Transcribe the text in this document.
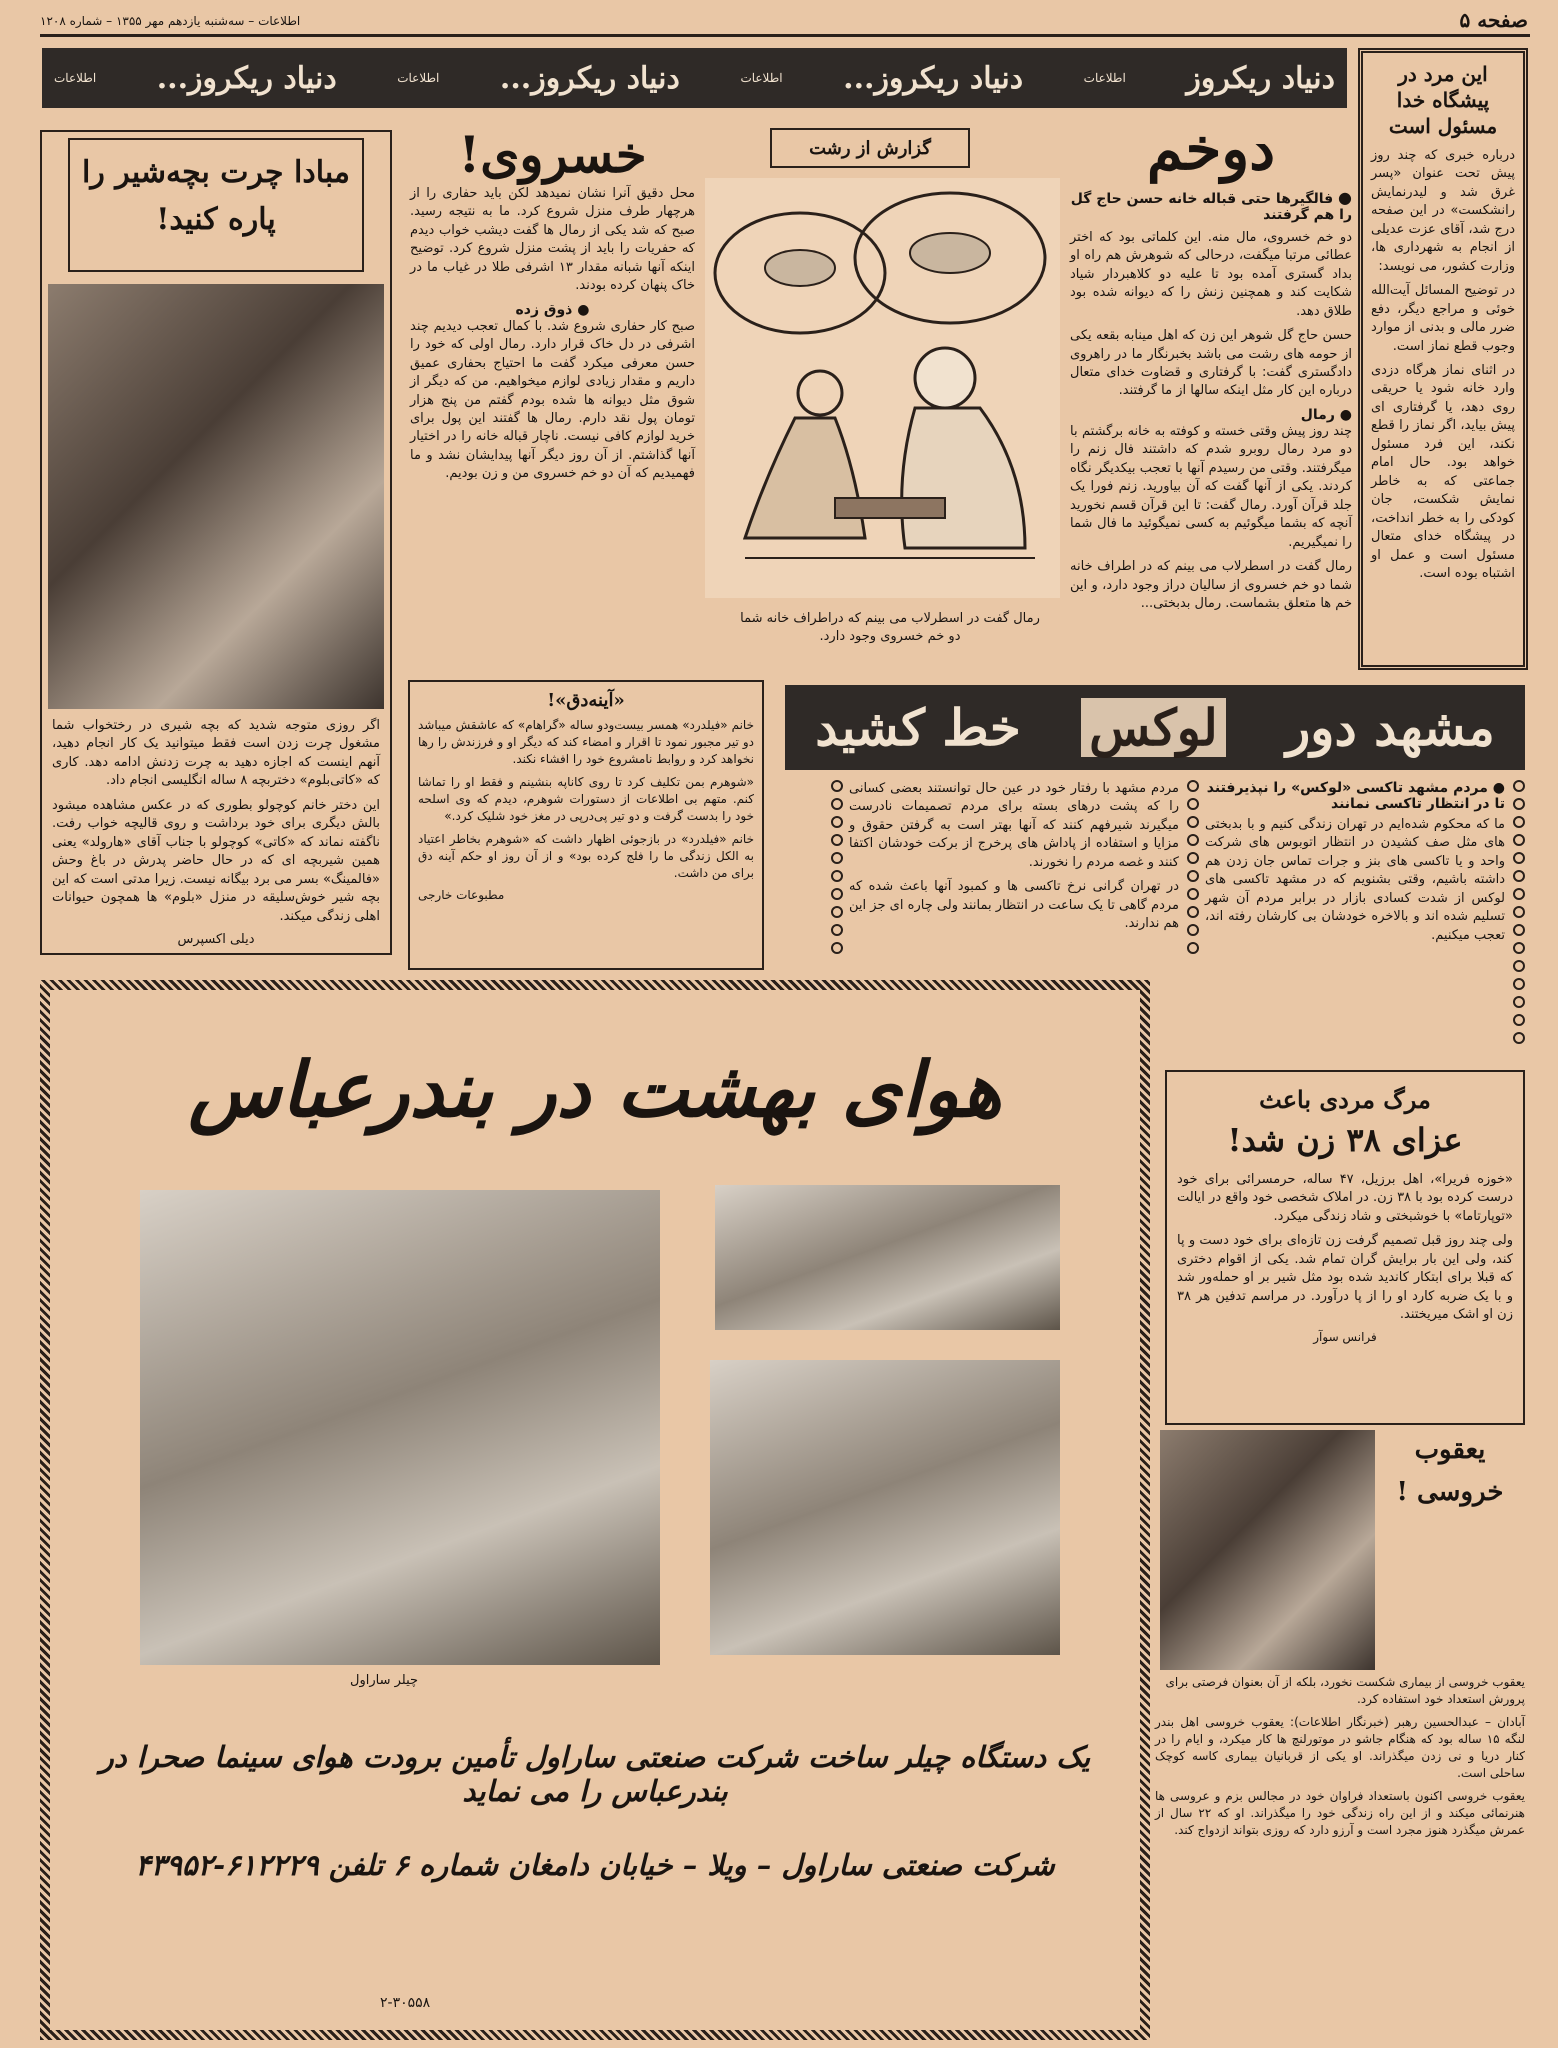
صفحه ۵
اطلاعات – سه‌شنبه یازدهم مهر ۱۳۵۵ – شماره ۱۲۰۸
دنیاد ریکروز
اطلاعات
دنیاد ریکروز...
اطلاعات
دنیاد ریکروز...
اطلاعات
دنیاد ریکروز...
اطلاعات	این مرد در پیشگاه خدا مسئول است

درباره خبری که چند روز پیش تحت عنوان «پسر غرق شد و لیدرنمایش رانشکست» در این صفحه درج شد، آقای عزت عدیلی از انجام به شهرداری ها، وزارت کشور، می نویسد:

در توضیح المسائل آیت‌الله خوئی و مراجع دیگر، دفع ضرر مالی و بدنی از موارد وجوب قطع نماز است.

در اثنای نماز هرگاه دزدی وارد خانه شود یا حریقی روی دهد، یا گرفتاری ای پیش بیاید، اگر نماز را قطع نکند، این فرد مسئول خواهد بود. حال امام جماعتی که به خاطر نمایش شکست، جان کودکی را به خطر انداخت، در پیشگاه خدای متعال مسئول است و عمل او اشتباه بوده است.

دوخم
● فالگیرها حتی قباله خانه حسن حاج گل را هم گرفتند

دو خم خسروی، مال منه. این کلماتی بود که اختر عطائی مرتبا میگفت، درحالی که شوهرش هم راه او بداد گستری آمده بود تا علیه دو کلاهبردار شیاد شکایت کند و همچنین زنش را که دیوانه شده بود طلاق دهد.

حسن حاج گل شوهر این زن که اهل مینابه بقعه یکی از حومه های رشت می باشد بخبرنگار ما در راهروی دادگستری گفت: با گرفتاری و قضاوت خدای متعال درباره این کار مثل اینکه سالها از ما گرفتند.

● رمال

چند روز پیش وقتی خسته و کوفته به خانه برگشتم با دو مرد رمال روبرو شدم که داشتند فال زنم را میگرفتند. وقتی من رسیدم آنها با تعجب بیکدیگر نگاه کردند. یکی از آنها گفت که آن بیاورید. زنم فورا یک جلد قرآن آورد. رمال گفت: تا این قرآن قسم نخورید آنچه که بشما میگوئیم به کسی نمیگوئید ما فال شما را نمیگیریم.

رمال گفت در اسطرلاب می بینم که در اطراف خانه شما دو خم خسروی از سالیان دراز وجود دارد، و این خم ها متعلق بشماست. رمال بدبختی...

گزارش از رشت
رمال گفت در اسطرلاب می بینم که دراطراف خانه شما دو خم خسروی وجود دارد.
خسروی!

محل دقیق آنرا نشان نمیدهد لکن باید حفاری را از هرچهار طرف منزل شروع کرد. ما به نتیجه رسید. صبح که شد یکی از رمال ها گفت دیشب خواب دیدم که حفریات را باید از پشت منزل شروع کرد. توضیح اینکه آنها شبانه مقدار ۱۳ اشرفی طلا در غیاب ما در خاک پنهان کرده بودند.

● ذوق زده

صبح کار حفاری شروع شد. با کمال تعجب دیدیم چند اشرفی در دل خاک قرار دارد. رمال اولی که خود را حسن معرفی میکرد گفت ما احتیاج بحفاری عمیق داریم و مقدار زیادی لوازم میخواهیم. من که دیگر از شوق مثل دیوانه ها شده بودم گفتم من پنج هزار تومان پول نقد دارم. رمال ها گفتند این پول برای خرید لوازم کافی نیست. ناچار قباله خانه را در اختیار آنها گذاشتم. از آن روز دیگر آنها پیدایشان نشد و ما فهمیدیم که آن دو خم خسروی من و زن بودیم.

مبادا چرت بچه‌شیر را پاره کنید!

اگر روزی متوجه شدید که بچه شیری در رختخواب شما مشغول چرت زدن است فقط میتوانید یک کار انجام دهید، آنهم اینست که اجازه دهید به چرت زدنش ادامه دهد. کاری که «کاتی‌بلوم» دختربچه ۸ ساله انگلیسی انجام داد.

این دختر خانم کوچولو بطوری که در عکس مشاهده میشود بالش دیگری برای خود برداشت و روی قالیچه خواب رفت. ناگفته نماند که «کاتی» کوچولو با جناب آقای «هارولد» یعنی همین شیربچه ای که در حال حاضر پدرش در باغ وحش «فالمینگ» بسر می برد بیگانه نیست. زیرا مدتی است که این بچه شیر خوش‌سلیقه در منزل «بلوم» ها همچون حیوانات اهلی زندگی میکند.

دیلی اکسپرس
«آینه‌دق»!

خانم «فیلدرد» همسر بیست‌ودو ساله «گراهام» که عاشقش میباشد دو تیر مجبور نمود تا اقرار و امضاء کند که دیگر او و فرزندش را رها نخواهد کرد و روابط نامشروع خود را افشاء نکند.

«شوهرم بمن تکلیف کرد تا روی کاناپه بنشینم و فقط او را تماشا کنم. متهم بی اطلاعات از دستورات شوهرم، دیدم که وی اسلحه خود را بدست گرفت و دو تیر پی‌درپی در مغز خود شلیک کرد.»

خانم «فیلدرد» در بازجوئی اظهار داشت که «شوهرم بخاطر اعتیاد به الکل زندگی ما را فلج کرده بود» و از آن روز او حکم آینه دق برای من داشت.

مطبوعات خارجی
مشهد دور
لوکس
خط کشید
● مردم مشهد تاکسی «لوکس» را نپذیرفتند تا در انتظار تاکسی نمانند

ما که محکوم شده‌ایم در تهران زندگی کنیم و با بدبختی های مثل صف کشیدن در انتظار اتوبوس های شرکت واحد و یا تاکسی های بنز و جرات تماس جان زدن هم داشته باشیم، وقتی بشنویم که در مشهد تاکسی های لوکس از شدت کسادی بازار در برابر مردم آن شهر تسلیم شده اند و بالاخره خودشان بی کارشان رفته اند، تعجب میکنیم.

مردم مشهد با رفتار خود در عین حال توانستند بعضی کسانی را که پشت درهای بسته برای مردم تصمیمات نادرست میگیرند شیرفهم کنند که آنها بهتر است به گرفتن حقوق و مزایا و استفاده از پاداش های پرخرج از برکت خودشان اکتفا کنند و غصه مردم را نخورند.

در تهران گرانی نرخ تاکسی ها و کمبود آنها باعث شده که مردم گاهی تا یک ساعت در انتظار بمانند ولی چاره ای جز این هم ندارند.

مرگ مردی باعث
عزای ۳۸ زن شد!

«خوزه فریرا»، اهل برزیل، ۴۷ ساله، حرمسرائی برای خود درست کرده بود با ۳۸ زن. در املاک شخصی خود واقع در ایالت «توپارتاما» با خوشبختی و شاد زندگی میکرد.

ولی چند روز قبل تصمیم گرفت زن تازه‌ای برای خود دست و پا کند، ولی این بار برایش گران تمام شد. یکی از اقوام دختری که قبلا برای ابتکار کاندید شده بود مثل شیر بر او حمله‌ور شد و با یک ضربه کارد او را از پا درآورد. در مراسم تدفین هر ۳۸ زن او اشک میریختند.

فرانس سوآر
یعقوب
خروسی !
یعقوب خروسی از بیماری شکست نخورد، بلکه از آن بعنوان فرصتی برای پرورش استعداد خود استفاده کرد.

آبادان – عبدالحسین رهبر (خبرنگار اطلاعات): یعقوب خروسی اهل بندر لنگه ۱۵ ساله بود که هنگام جاشو در موتورلنچ ها کار میکرد، و ایام را در کنار دریا و نی زدن میگذراند. او یکی از قربانیان بیماری کاسه کوچک ساحلی است.

یعقوب خروسی اکنون باستعداد فراوان خود در مجالس بزم و عروسی ها هنرنمائی میکند و از این راه زندگی خود را میگذراند. او که ۲۲ سال از عمرش میگذرد هنوز مجرد است و آرزو دارد که روزی بتواند ازدواج کند.

هوای بهشت در بندرعباس
چیلر ساراول
یک دستگاه چیلر ساخت شرکت صنعتی ساراول تأمین برودت هوای سینما صحرا در بندرعباس را می نماید
شرکت صنعتی ساراول – ویلا – خیابان دامغان شماره ۶ تلفن ۶۱۲۲۲۹-۴۳۹۵۲
۲-۳۰۵۵۸
